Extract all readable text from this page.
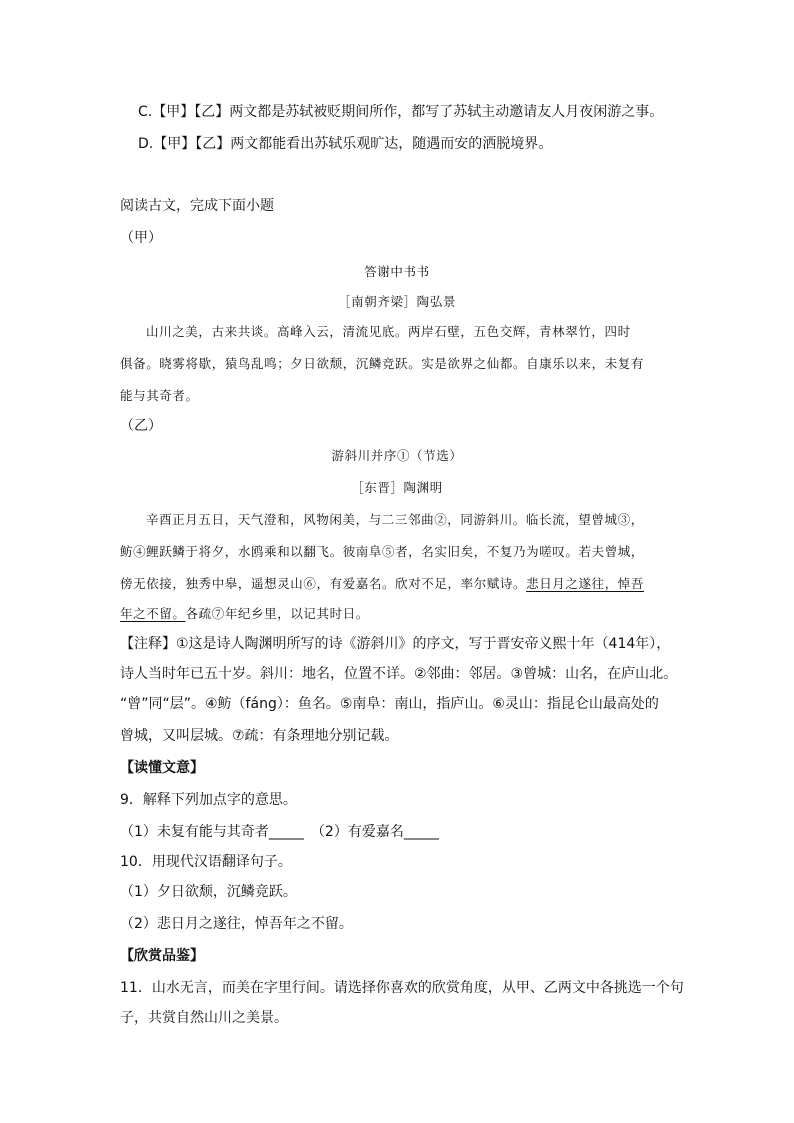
C.【甲】【乙】两文都是苏轼被贬期间所作，都写了苏轼主动邀请友人月夜闲游之事。
D.【甲】【乙】两文都能看出苏轼乐观旷达，随遇而安的洒脱境界。
阅读古文，完成下面小题
（甲）
答谢中书书
［南朝齐梁］陶弘景
山川之美，古来共谈。高峰入云，清流见底。两岸石壁，五色交辉，青林翠竹，四时
俱备。晓雾将歇，猿鸟乱鸣；夕日欲颓，沉鳞竞跃。实是欲界之仙都。自康乐以来，未复有
能与其奇者。
（乙）
游斜川并序①（节选）
［东晋］陶渊明
辛酉正月五日，天气澄和，风物闲美，与二三邻曲②，同游斜川。临长流，望曾城③，
鲂④鲤跃鳞于将夕，水鸥乘和以翻飞。彼南阜⑤者，名实旧矣，不复乃为嗟叹。若夫曾城，
傍无依接，独秀中皋，遥想灵山⑥，有爱嘉名。欣对不足，率尔赋诗。悲日月之遂往，悼吾
年之不留。各疏⑦年纪乡里，以记其时日。
【注释】①这是诗人陶渊明所写的诗《游斜川》的序文，写于晋安帝义熙十年（414年），
诗人当时年已五十岁。斜川：地名，位置不详。②邻曲：邻居。③曾城：山名，在庐山北。
“曾”同“层”。④鲂（fáng）：鱼名。⑤南阜：南山，指庐山。⑥灵山：指昆仑山最高处的
曾城，又叫层城。⑦疏：有条理地分别记载。
【读懂文意】
9．解释下列加点字的意思。
（1）未复有能与其奇者_____　（2）有爱嘉名_____
10．用现代汉语翻译句子。
（1）夕日欲颓，沉鳞竞跃。
（2）悲日月之遂往，悼吾年之不留。
【欣赏品鉴】
11．山水无言，而美在字里行间。请选择你喜欢的欣赏角度，从甲、乙两文中各挑选一个句
子，共赏自然山川之美景。
